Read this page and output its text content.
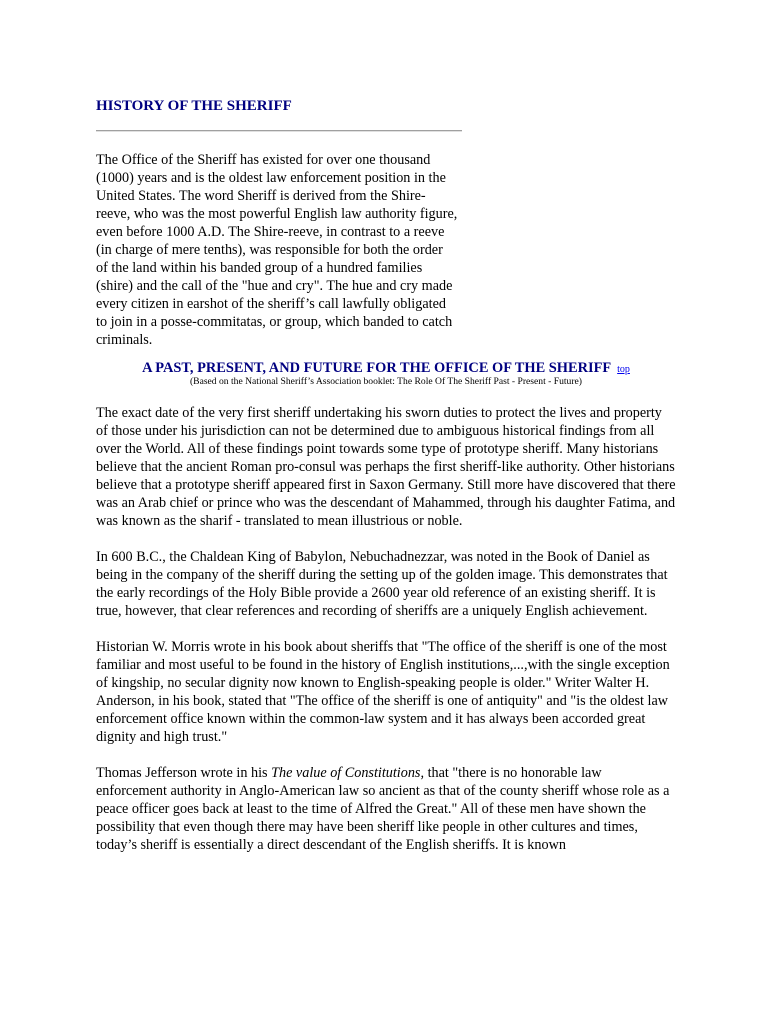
HISTORY OF THE SHERIFF

The Office of the Sheriff has existed for over one thousand (1000) years and is the oldest law enforcement position in the United States. The word Sheriff is derived from the Shire-reeve, who was the most powerful English law authority figure, even before 1000 A.D. The Shire-reeve, in contrast to a reeve (in charge of mere tenths), was responsible for both the order of the land within his banded group of a hundred families (shire) and the call of the "hue and cry". The hue and cry made every citizen in earshot of the sheriff’s call lawfully obligated to join in a posse-commitatas, or group, which banded to catch criminals.

A PAST, PRESENT, AND FUTURE FOR THE OFFICE OF THE SHERIFF top
(Based on the National Sheriff’s Association booklet: The Role Of The Sheriff Past - Present - Future)

The exact date of the very first sheriff undertaking his sworn duties to protect the lives and property of those under his jurisdiction can not be determined due to ambiguous historical findings from all over the World. All of these findings point towards some type of prototype sheriff. Many historians believe that the ancient Roman pro-consul was perhaps the first sheriff-like authority. Other historians believe that a prototype sheriff appeared first in Saxon Germany. Still more have discovered that there was an Arab chief or prince who was the descendant of Mahammed, through his daughter Fatima, and was known as the sharif - translated to mean illustrious or noble.

In 600 B.C., the Chaldean King of Babylon, Nebuchadnezzar, was noted in the Book of Daniel as being in the company of the sheriff during the setting up of the golden image. This demonstrates that the early recordings of the Holy Bible provide a 2600 year old reference of an existing sheriff. It is true, however, that clear references and recording of sheriffs are a uniquely English achievement.

Historian W. Morris wrote in his book about sheriffs that "The office of the sheriff is one of the most familiar and most useful to be found in the history of English institutions,...,with the single exception of kingship, no secular dignity now known to English-speaking people is older." Writer Walter H. Anderson, in his book, stated that "The office of the sheriff is one of antiquity" and "is the oldest law enforcement office known within the common-law system and it has always been accorded great dignity and high trust."

Thomas Jefferson wrote in his The value of Constitutions, that "there is no honorable law enforcement authority in Anglo-American law so ancient as that of the county sheriff whose role as a peace officer goes back at least to the time of Alfred the Great." All of these men have shown the possibility that even though there may have been sheriff like people in other cultures and times, today’s sheriff is essentially a direct descendant of the English sheriffs. It is known
